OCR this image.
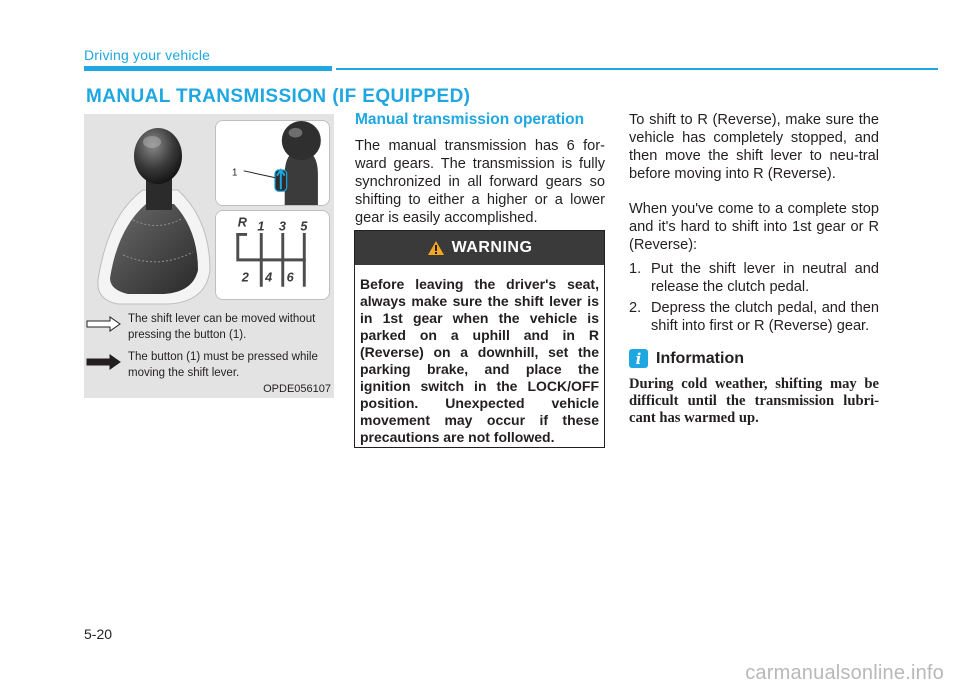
Driving your vehicle
MANUAL TRANSMISSION (IF EQUIPPED)
1
R 1 3 5
2 4 6
The shift lever can be moved without pressing the button (1).
The button (1) must be pressed while moving the shift lever.
OPDE056107
Manual transmission operation
The manual transmission has 6 for-ward gears. The transmission is fully synchronized in all forward gears so shifting to either a higher or a lower gear is easily accomplished.
WARNING
Before leaving the driver's seat, always make sure the shift lever is in 1st gear when the vehicle is parked on a uphill and in R (Reverse) on a downhill, set the parking brake, and place the ignition switch in the LOCK/OFF position. Unexpected vehicle movement may occur if these precautions are not followed.

To shift to R (Reverse), make sure the vehicle has completely stopped, and then move the shift lever to neu-tral before moving into R (Reverse).

When you've come to a complete stop and it's hard to shift into 1st gear or R (Reverse):

1. Put the shift lever in neutral and release the clutch pedal.
2. Depress the clutch pedal, and then shift into first or R (Reverse) gear.
i Information
During cold weather, shifting may be difficult until the transmission lubri-cant has warmed up.
5-20
carmanualsonline.info
